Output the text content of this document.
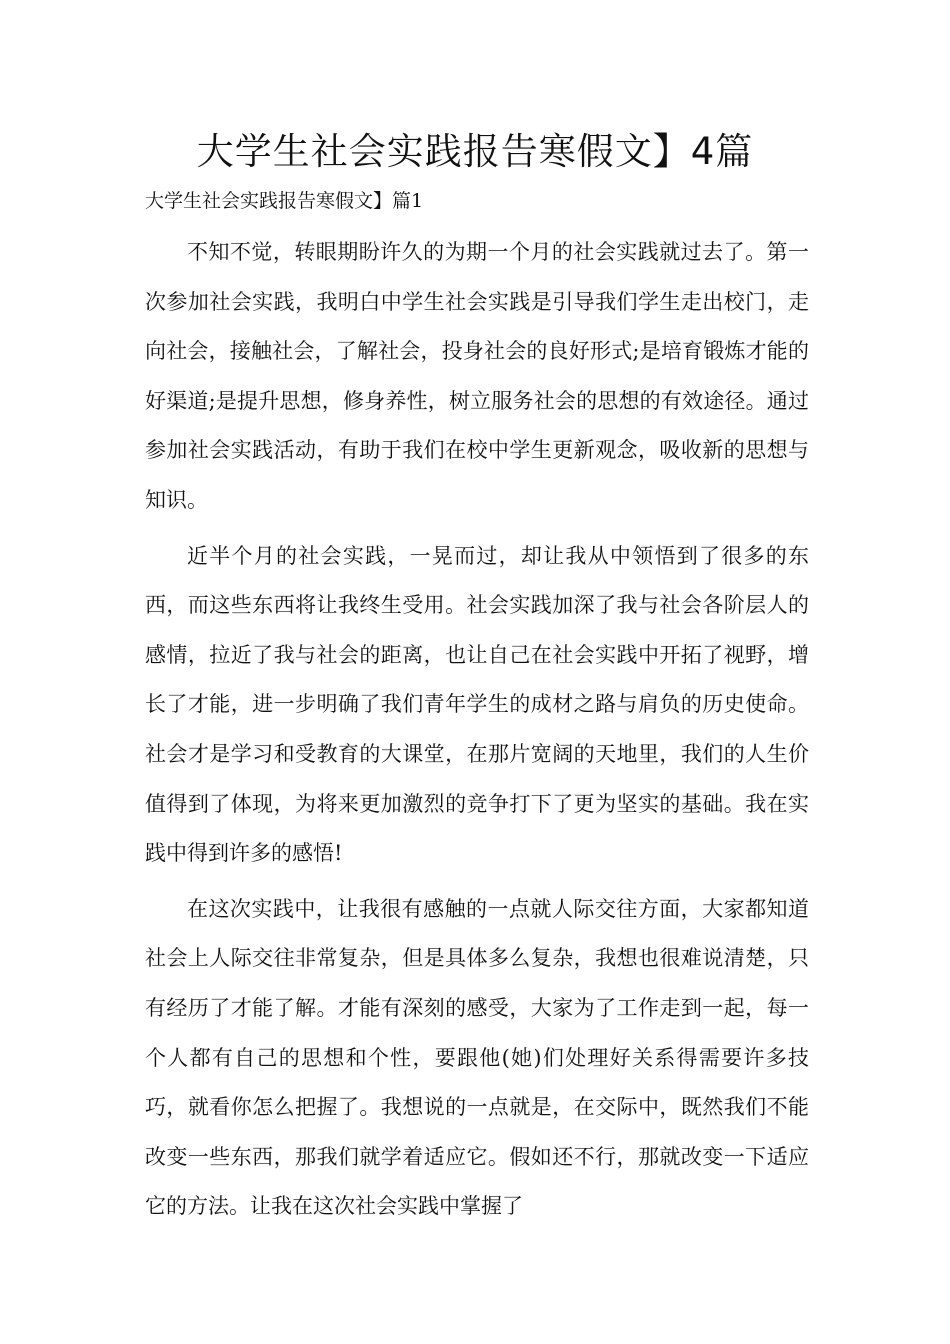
大学生社会实践报告寒假文】4篇
大学生社会实践报告寒假文】篇1

不知不觉，转眼期盼许久的为期一个月的社会实践就过去了。第一次参加社会实践，我明白中学生社会实践是引导我们学生走出校门，走向社会，接触社会，了解社会，投身社会的良好形式;是培育锻炼才能的好渠道;是提升思想，修身养性，树立服务社会的思想的有效途径。通过参加社会实践活动，有助于我们在校中学生更新观念，吸收新的思想与知识。

近半个月的社会实践，一晃而过，却让我从中领悟到了很多的东西，而这些东西将让我终生受用。社会实践加深了我与社会各阶层人的感情，拉近了我与社会的距离，也让自己在社会实践中开拓了视野，增长了才能，进一步明确了我们青年学生的成材之路与肩负的历史使命。社会才是学习和受教育的大课堂，在那片宽阔的天地里，我们的人生价值得到了体现，为将来更加激烈的竞争打下了更为坚实的基础。我在实践中得到许多的感悟!

在这次实践中，让我很有感触的一点就人际交往方面，大家都知道社会上人际交往非常复杂，但是具体多么复杂，我想也很难说清楚，只有经历了才能了解。才能有深刻的感受，大家为了工作走到一起，每一个人都有自己的思想和个性，要跟他(她)们处理好关系得需要许多技巧，就看你怎么把握了。我想说的一点就是，在交际中，既然我们不能改变一些东西，那我们就学着适应它。假如还不行，那就改变一下适应它的方法。让我在这次社会实践中掌握了
